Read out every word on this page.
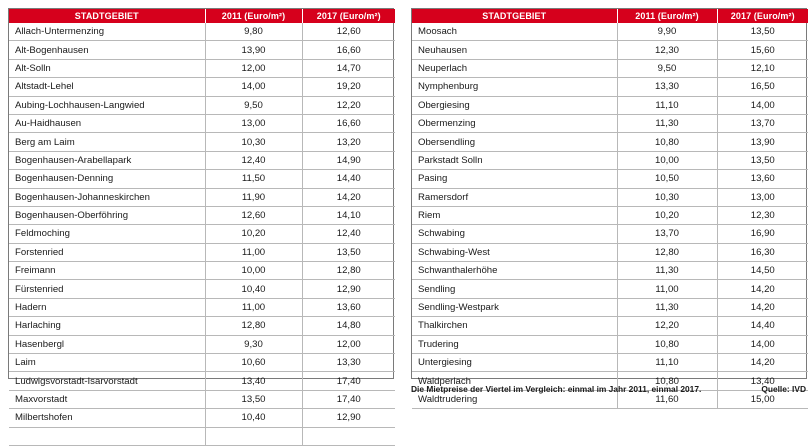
STADTGEBIET	2011 (Euro/m²)	2017 (Euro/m²)
Allach-Untermenzing	9,80	12,60
Alt-Bogenhausen	13,90	16,60
Alt-Solln	12,00	14,70
Altstadt-Lehel	14,00	19,20
Aubing-Lochhausen-Langwied	9,50	12,20
Au-Haidhausen	13,00	16,60
Berg am Laim	10,30	13,20
Bogenhausen-Arabellapark	12,40	14,90
Bogenhausen-Denning	11,50	14,40
Bogenhausen-Johanneskirchen	11,90	14,20
Bogenhausen-Oberföhring	12,60	14,10
Feldmoching	10,20	12,40
Forstenried	11,00	13,50
Freimann	10,00	12,80
Fürstenried	10,40	12,90
Hadern	11,00	13,60
Harlaching	12,80	14,80
Hasenbergl	9,30	12,00
Laim	10,60	13,30
Ludwigsvorstadt-Isarvorstadt	13,40	17,40
Maxvorstadt	13,50	17,40
Milbertshofen	10,40	12,90

STADTGEBIET	2011 (Euro/m²)	2017 (Euro/m²)
Moosach	9,90	13,50
Neuhausen	12,30	15,60
Neuperlach	9,50	12,10
Nymphenburg	13,30	16,50
Obergiesing	11,10	14,00
Obermenzing	11,30	13,70
Obersendling	10,80	13,90
Parkstadt Solln	10,00	13,50
Pasing	10,50	13,60
Ramersdorf	10,30	13,00
Riem	10,20	12,30
Schwabing	13,70	16,90
Schwabing-West	12,80	16,30
Schwanthalerhöhe	11,30	14,50
Sendling	11,00	14,20
Sendling-Westpark	11,30	14,20
Thalkirchen	12,20	14,40
Trudering	10,80	14,00
Untergiesing	11,10	14,20
Waldperlach	10,80	13,40
Waldtrudering	11,60	15,00
Die Mietpreise der Viertel im Vergleich: einmal im Jahr 2011, einmal 2017.	Quelle: IVD
